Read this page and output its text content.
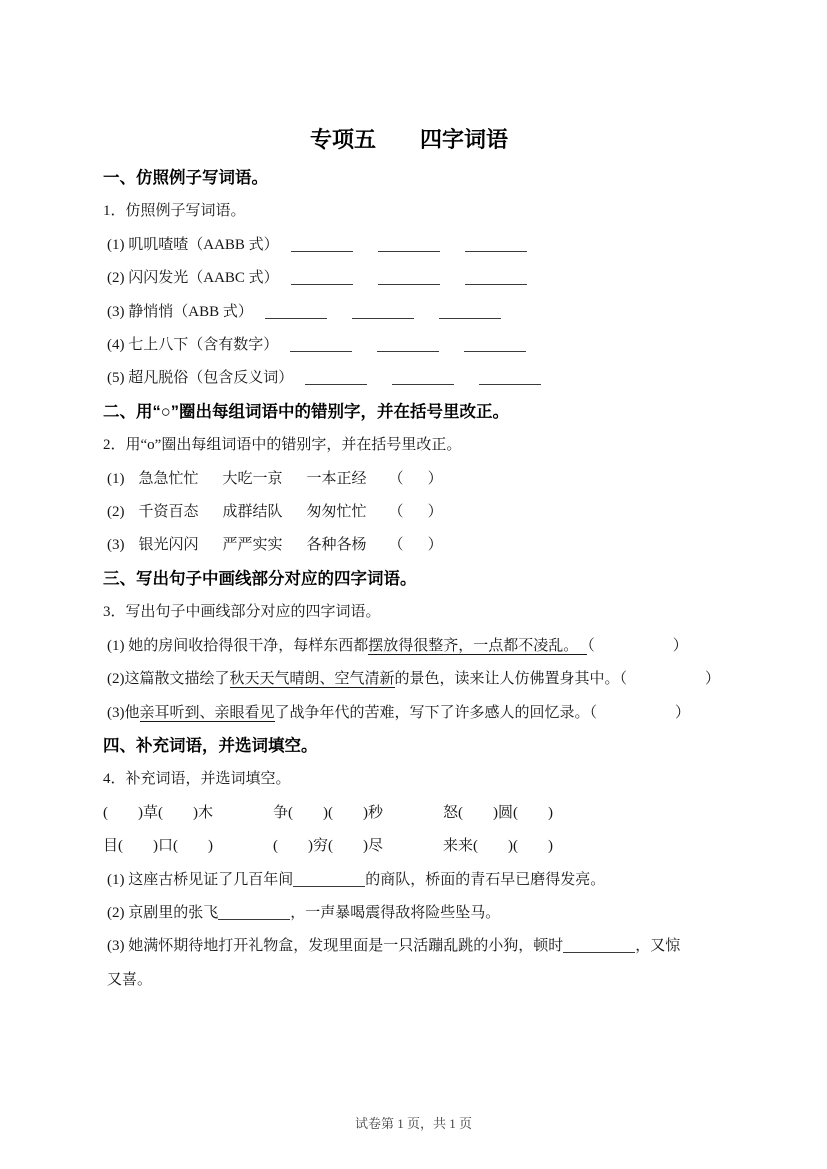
专项五　　四字词语
一、仿照例子写词语。
1．仿照例子写词语。
(1) 叽叽喳喳（AABB 式）
(2) 闪闪发光（AABC 式）
(3) 静悄悄（ABB 式）
(4) 七上八下（含有数字）
(5) 超凡脱俗（包含反义词）
二、用“○”圈出每组词语中的错别字，并在括号里改正。
2．用“o”圈出每组词语中的错别字，并在括号里改正。
(1) 急急忙忙 大吃一京 一本正经 （ ）
(2) 千资百态 成群结队 匆匆忙忙 （ ）
(3) 银光闪闪 严严实实 各种各杨 （ ）
三、写出句子中画线部分对应的四字词语。
3．写出句子中画线部分对应的四字词语。
(1) 她的房间收拾得很干净，每样东西都摆放得很整齐，一点都不凌乱。 （	）
(2)这篇散文描绘了秋天天气晴朗、空气清新的景色，读来让人仿佛置身其中。（	）
(3)他亲耳听到、亲眼看见了战争年代的苦难，写下了许多感人的回忆录。（	）
四、补充词语，并选词填空。
4．补充词语，并选词填空。
(　　)草(　　)木	争(　　)(　　)秒	怒(　　)圆(　　)
目(　　)口(　　)	(　　)穷(　　)尽	来来(　　)(　　)
(1) 这座古桥见证了几百年间	的商队，桥面的青石早已磨得发亮。
(2) 京剧里的张飞	，一声暴喝震得敌将险些坠马。
(3) 她满怀期待地打开礼物盒，发现里面是一只活蹦乱跳的小狗，顿时	，又惊又喜。
试卷第 1 页，共 1 页
